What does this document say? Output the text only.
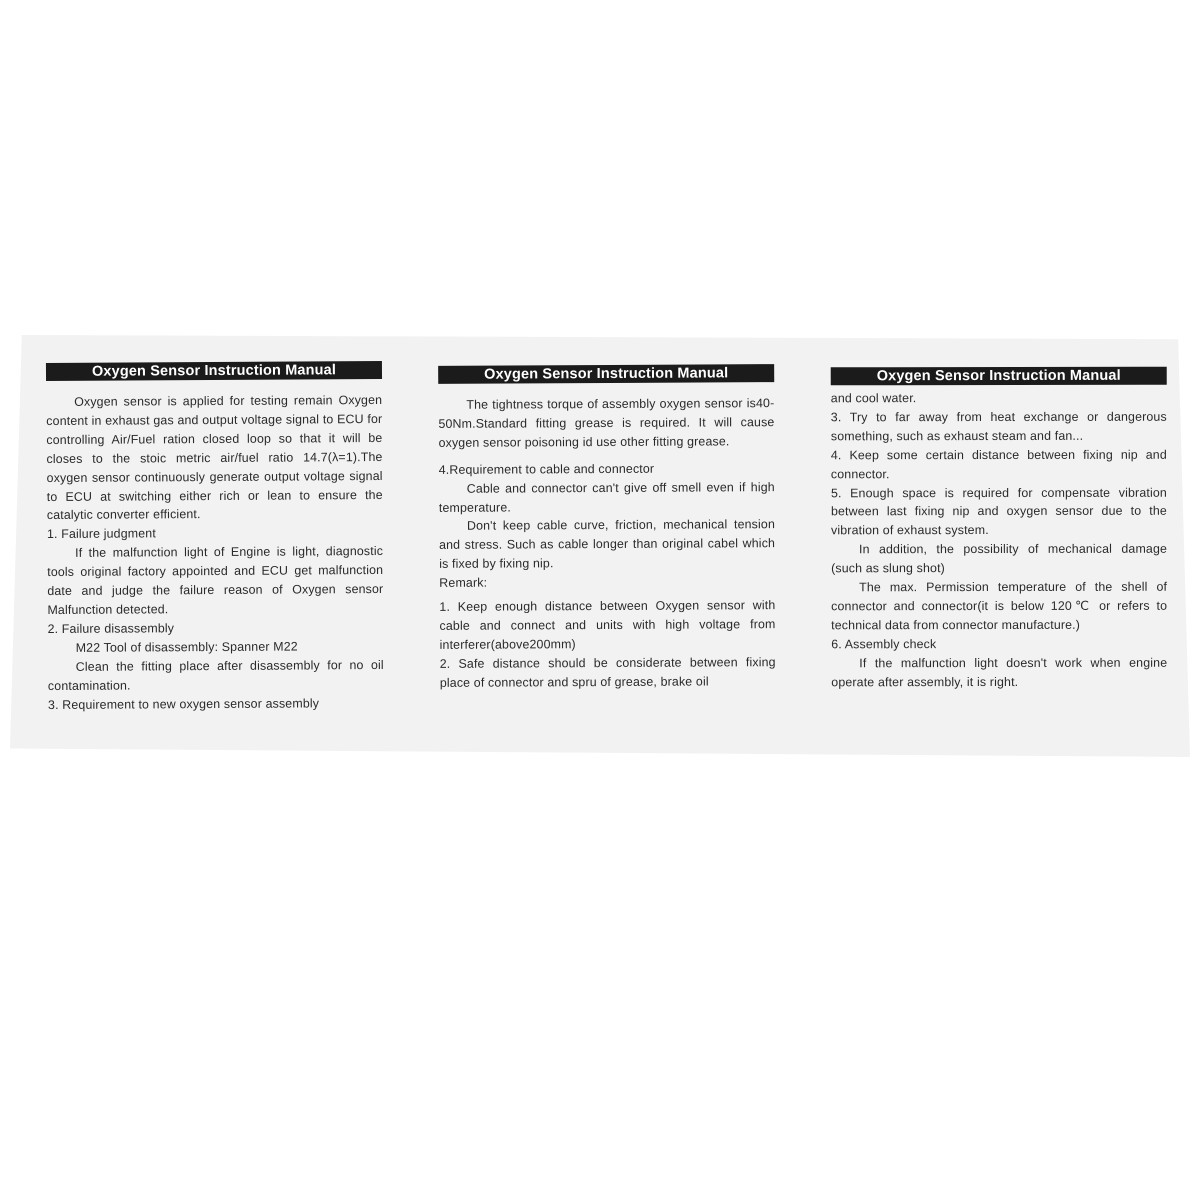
Oxygen Sensor Instruction Manual

Oxygen sensor is applied for testing remain Oxygen content in exhaust gas and output voltage signal to ECU for controlling Air/Fuel ration closed loop so that it will be closes to the stoic metric air/fuel ratio 14.7(λ=1).The oxygen sensor continuously generate output voltage signal to ECU at switching either rich or lean to ensure the catalytic converter efficient.

1. Failure judgment

If the malfunction light of Engine is light, diagnostic tools original factory appointed and ECU get malfunction date and judge the failure reason of Oxygen sensor Malfunction detected.

2. Failure disassembly

M22 Tool of disassembly: Spanner M22

Clean the fitting place after disassembly for no oil contamination.

3. Requirement to new oxygen sensor assembly

Oxygen Sensor Instruction Manual

The tightness torque of assembly oxygen sensor is40-50Nm.Standard fitting grease is required. It will cause oxygen sensor poisoning id use other fitting grease.

4.Requirement to cable and connector

Cable and connector can't give off smell even if high temperature.

Don't keep cable curve, friction, mechanical tension and stress. Such as cable longer than original cabel which is fixed by fixing nip.

Remark:

1. Keep enough distance between Oxygen sensor with cable and connect and units with high voltage from interferer(above200mm)

2. Safe distance should be considerate between fixing place of connector and spru of grease, brake oil

Oxygen Sensor Instruction Manual

and cool water.

3. Try to far away from heat exchange or dangerous something, such as exhaust steam and fan...

4. Keep some certain distance between fixing nip and connector.

5. Enough space is required for compensate vibration between last fixing nip and oxygen sensor due to the vibration of exhaust system.

In addition, the possibility of mechanical damage (such as slung shot)

The max. Permission temperature of the shell of connector and connector(it is below 120℃ or refers to technical data from connector manufacture.)

6. Assembly check

If the malfunction light doesn't work when engine operate after assembly, it is right.
